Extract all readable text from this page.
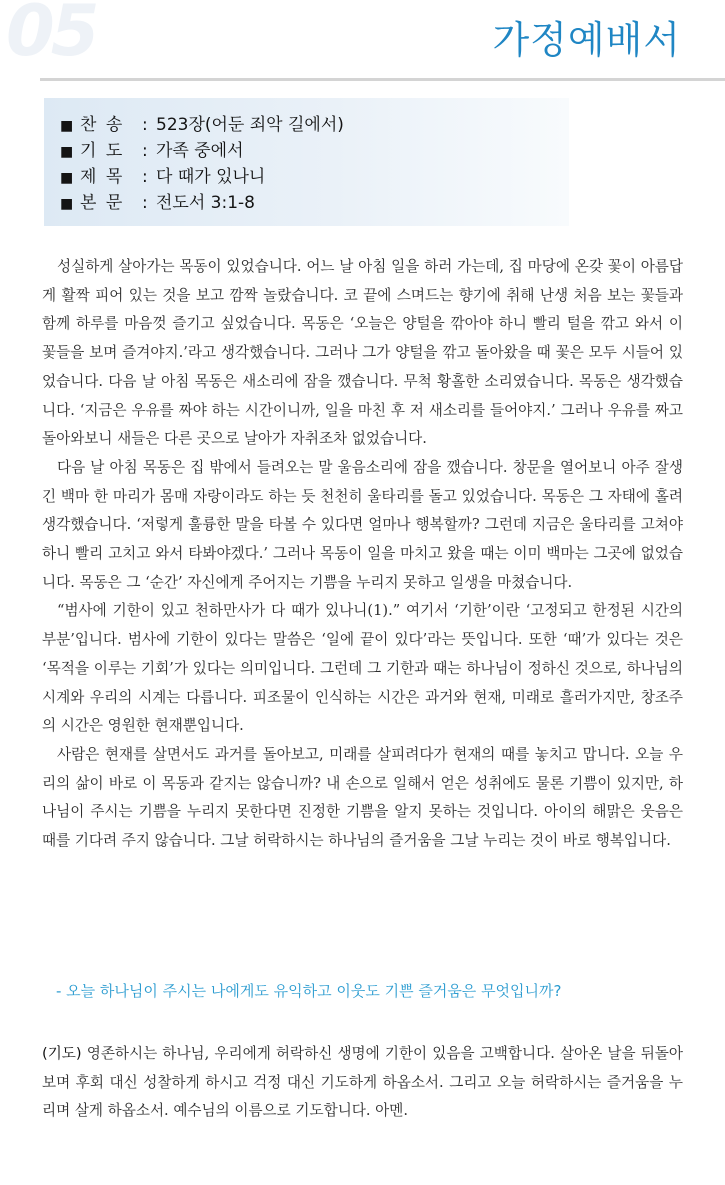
05	가정예배서
■ 찬 송 : 523장(어둔 죄악 길에서)
■ 기 도 : 가족 중에서
■ 제 목 : 다 때가 있나니
■ 본 문 : 전도서 3:1-8

성실하게 살아가는 목동이 있었습니다. 어느 날 아침 일을 하러 가는데, 집 마당에 온갖 꽃이 아름답게 활짝 피어 있는 것을 보고 깜짝 놀랐습니다. 코 끝에 스며드는 향기에 취해 난생 처음 보는 꽃들과 함께 하루를 마음껏 즐기고 싶었습니다. 목동은 ‘오늘은 양털을 깎아야 하니 빨리 털을 깎고 와서 이 꽃들을 보며 즐겨야지.’라고 생각했습니다. 그러나 그가 양털을 깎고 돌아왔을 때 꽃은 모두 시들어 있었습니다. 다음 날 아침 목동은 새소리에 잠을 깼습니다. 무척 황홀한 소리였습니다. 목동은 생각했습니다. ‘지금은 우유를 짜야 하는 시간이니까, 일을 마친 후 저 새소리를 들어야지.’ 그러나 우유를 짜고 돌아와보니 새들은 다른 곳으로 날아가 자취조차 없었습니다.

다음 날 아침 목동은 집 밖에서 들려오는 말 울음소리에 잠을 깼습니다. 창문을 열어보니 아주 잘생긴 백마 한 마리가 몸매 자랑이라도 하는 듯 천천히 울타리를 돌고 있었습니다. 목동은 그 자태에 홀려 생각했습니다. ‘저렇게 훌륭한 말을 타볼 수 있다면 얼마나 행복할까? 그런데 지금은 울타리를 고쳐야 하니 빨리 고치고 와서 타봐야겠다.’ 그러나 목동이 일을 마치고 왔을 때는 이미 백마는 그곳에 없었습니다. 목동은 그 ‘순간’ 자신에게 주어지는 기쁨을 누리지 못하고 일생을 마쳤습니다.

“범사에 기한이 있고 천하만사가 다 때가 있나니(1).” 여기서 ‘기한’이란 ‘고정되고 한정된 시간의 부분’입니다. 범사에 기한이 있다는 말씀은 ‘일에 끝이 있다’라는 뜻입니다. 또한 ‘때’가 있다는 것은 ‘목적을 이루는 기회’가 있다는 의미입니다. 그런데 그 기한과 때는 하나님이 정하신 것으로, 하나님의 시계와 우리의 시계는 다릅니다. 피조물이 인식하는 시간은 과거와 현재, 미래로 흘러가지만, 창조주의 시간은 영원한 현재뿐입니다.

사람은 현재를 살면서도 과거를 돌아보고, 미래를 살피려다가 현재의 때를 놓치고 맙니다. 오늘 우리의 삶이 바로 이 목동과 같지는 않습니까? 내 손으로 일해서 얻은 성취에도 물론 기쁨이 있지만, 하나님이 주시는 기쁨을 누리지 못한다면 진정한 기쁨을 알지 못하는 것입니다. 아이의 해맑은 웃음은 때를 기다려 주지 않습니다. 그날 허락하시는 하나님의 즐거움을 그날 누리는 것이 바로 행복입니다.

- 오늘 하나님이 주시는 나에게도 유익하고 이웃도 기쁜 즐거움은 무엇입니까?
(기도) 영존하시는 하나님, 우리에게 허락하신 생명에 기한이 있음을 고백합니다. 살아온 날을 뒤돌아보며 후회 대신 성찰하게 하시고 걱정 대신 기도하게 하옵소서. 그리고 오늘 허락하시는 즐거움을 누리며 살게 하옵소서. 예수님의 이름으로 기도합니다. 아멘.
